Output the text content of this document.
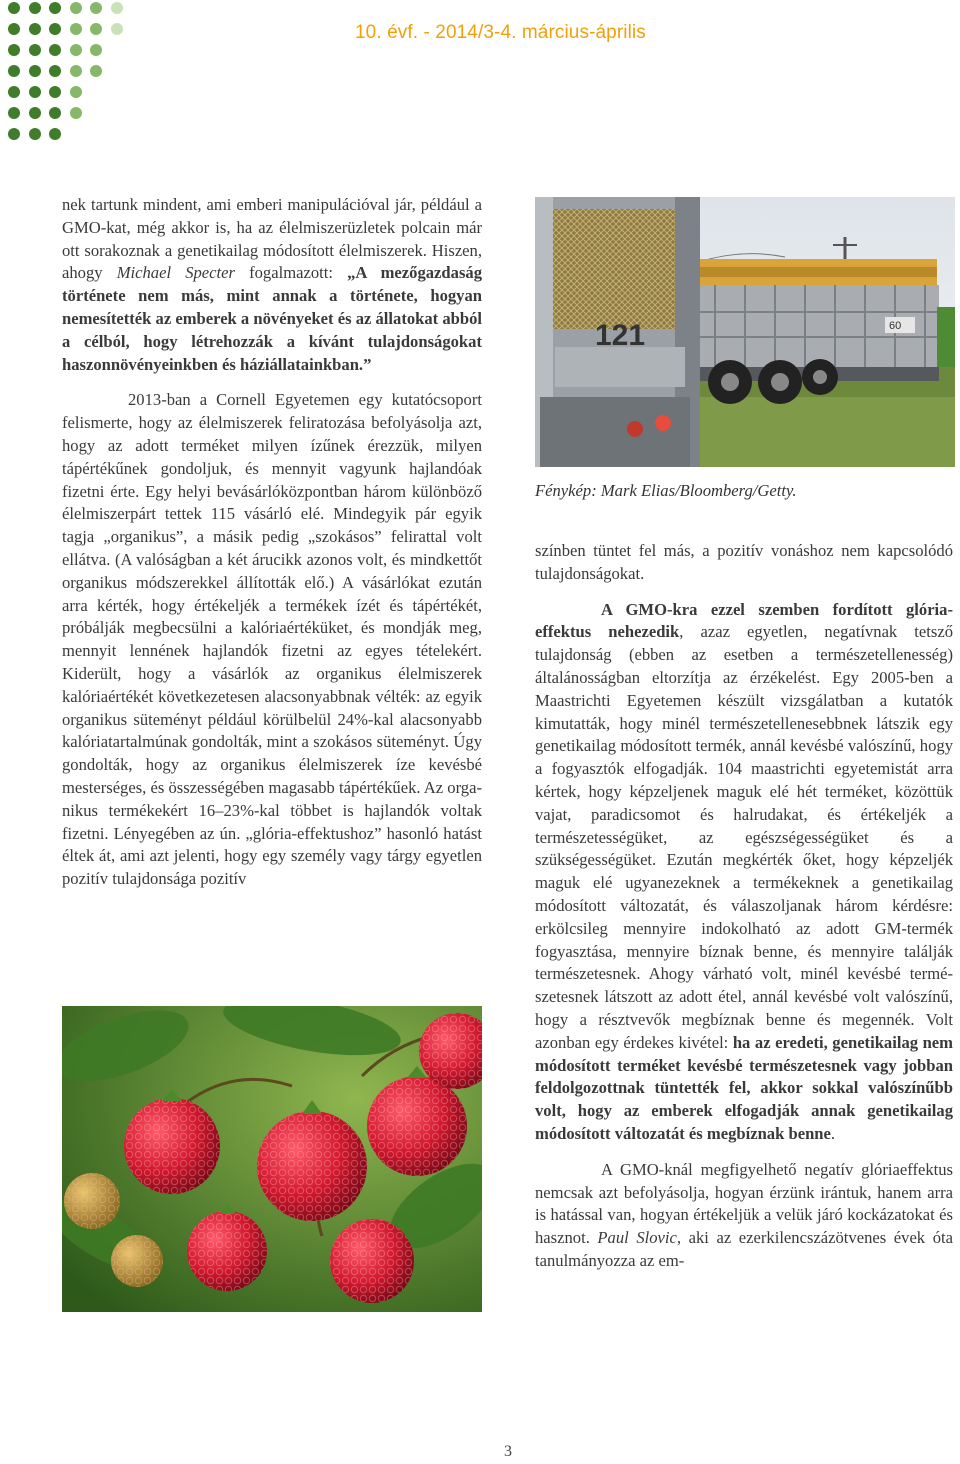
10. évf. - 2014/3-4. március-április

nek tartunk mindent, ami emberi manipulációval jár, például a GMO-kat, még akkor is, ha az élelmiszerüzletek polcain már ott sorakoznak a genetikailag módosított élelmiszerek. Hiszen, ahogy Michael Specter fogalmazott: „A mezőgazdaság története nem más, mint annak a története, hogyan nemesítették az emberek a növényeket és az állatokat abból a célból, hogy létrehozzák a kívánt tulajdonságokat haszonnövényeinkben és háziállatainkban.”

2013-ban a Cornell Egyetemen egy kutatócsoport felismerte, hogy az élelmiszerek feliratozása befolyásolja azt, hogy az adott terméket milyen ízűnek érezzük, milyen tápértékűnek gondoljuk, és mennyit vagyunk hajlandóak fizetni érte. Egy helyi bevásárlóközpontban három különböző élelmiszerpárt tettek 115 vásárló elé. Mindegyik pár egyik tagja „organikus”, a másik pedig „szokásos” felirattal volt ellátva. (A valóságban a két árucikk azonos volt, és mindkettőt organikus módszerekkel állították elő.) A vásárlókat ezután arra kérték, hogy értékeljék a termékek ízét és tápértékét, próbálják megbecsülni a kalóriaértéküket, és mondják meg, mennyit lennének hajlandók fizetni az egyes tételekért. Kiderült, hogy a vásárlók az organikus élelmiszerek kalóriaértékét következetesen alacsonyabbnak vélték: az egyik organikus süteményt például körülbelül 24%-kal alacsonyabb kalóriatartalmúnak gondolták, mint a szokásos süteményt. Úgy gondolták, hogy az organikus élelmiszerek íze kevésbé mesterséges, és összességében magasabb tápértékűek. Az organikus termékekért 16–23%-kal többet is hajlandók voltak fizetni. Lényegében az ún. „glória-effektushoz” hasonló hatást éltek át, ami azt jelenti, hogy egy személy vagy tárgy egyetlen pozitív tulajdonsága pozitív

121	60
Fénykép: Mark Elias/Bloomberg/Getty.

színben tüntet fel más, a pozitív vonáshoz nem kapcsolódó tulajdonságokat.

A GMO-kra ezzel szemben fordított glória-effektus nehezedik, azaz egyetlen, negatívnak tetsző tulajdonság (ebben az esetben a természetellenesség) általánosságban eltorzítja az érzékelést. Egy 2005-ben a Maastrichti Egyetemen készült vizsgálatban a kutatók kimutatták, hogy minél természetellenesebbnek látszik egy genetikailag módosított termék, annál kevésbé valószínű, hogy a fogyasztók elfogadják. 104 maastrichti egyetemistát arra kértek, hogy képzeljenek maguk elé hét terméket, közöttük vajat, paradicsomot és halrudakat, és értékeljék a természetességüket, az egészségességüket és a szükségességüket. Ezután megkérték őket, hogy képzeljék maguk elé ugyanezeknek a termékeknek a genetikailag módosított változatát, és válaszoljanak három kérdésre: erkölcsileg mennyire indokolható az adott GM-termék fogyasztása, mennyire bíznak benne, és mennyire találják természetesnek. Ahogy várható volt, minél kevésbé természetesnek látszott az adott étel, annál kevésbé volt valószínű, hogy a résztvevők megbíznak benne és megennék. Volt azonban egy érdekes kivétel: ha az eredeti, genetikailag nem módosított terméket kevésbé természetesnek vagy jobban feldolgozottnak tüntették fel, akkor sokkal valószínűbb volt, hogy az emberek elfogadják annak genetikailag módosított változatát és megbíznak benne.

A GMO-knál megfigyelhető negatív glóriaeffektus nemcsak azt befolyásolja, hogyan érzünk irántuk, hanem arra is hatással van, hogyan értékeljük a velük járó kockázatokat és hasznot. Paul Slovic, aki az ezerkilencszázötvenes évek óta tanulmányozza az em-

3
